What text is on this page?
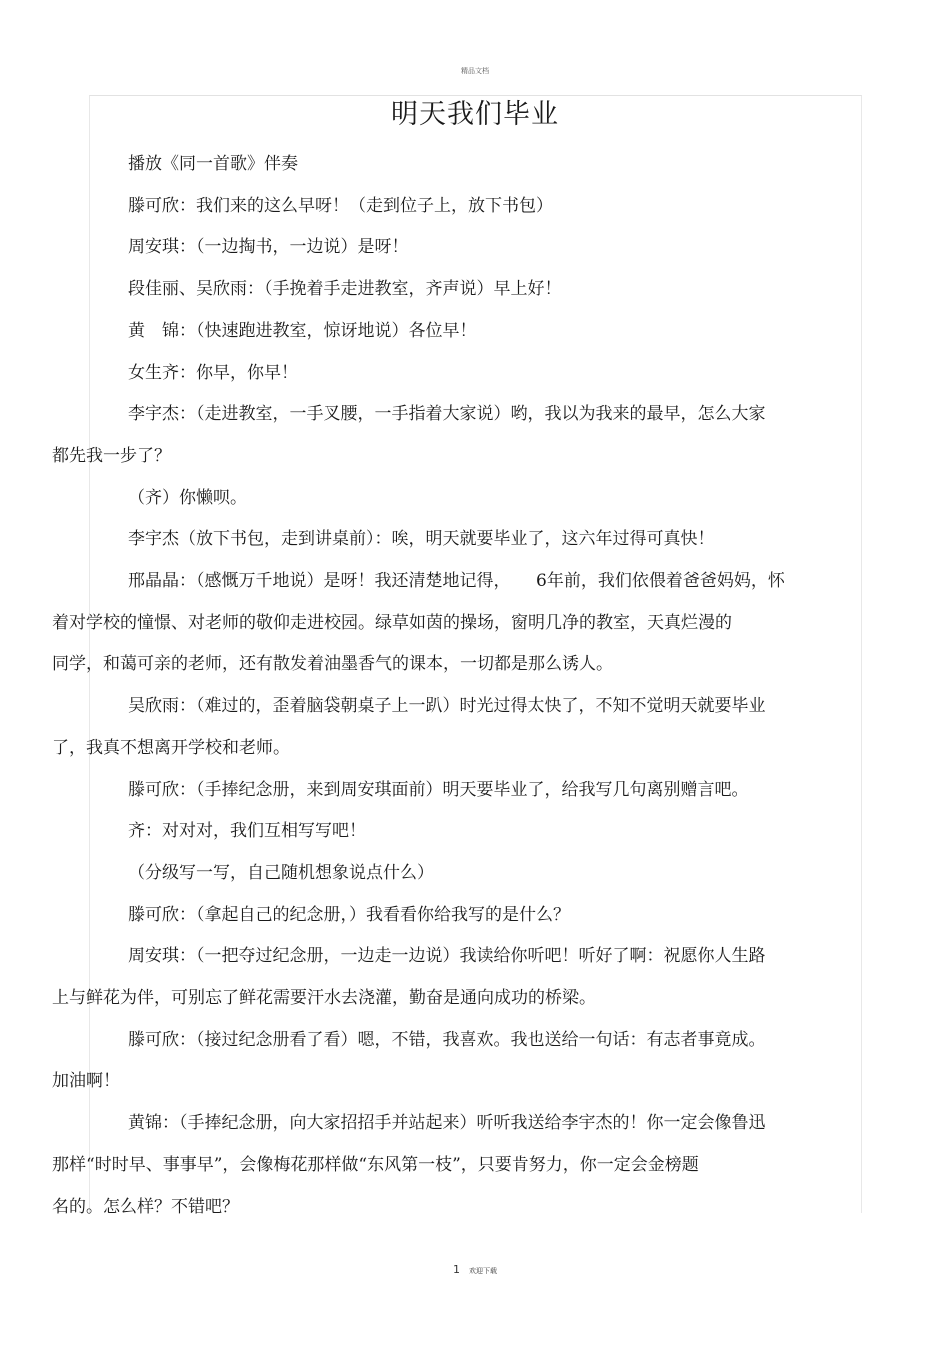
精品文档
明天我们毕业

播放《同一首歌》伴奏

滕可欣：我们来的这么早呀！（走到位子上，放下书包）

周安琪：（一边掏书，一边说）是呀！

段佳丽、吴欣雨：（手挽着手走进教室，齐声说）早上好！

黄　锦：（快速跑进教室，惊讶地说）各位早！

女生齐：你早，你早！

李宇杰：（走进教室，一手叉腰，一手指着大家说）哟，我以为我来的最早，怎么大家
都先我一步了？

（齐）你懒呗。

李宇杰（放下书包，走到讲桌前）：唉，明天就要毕业了，这六年过得可真快！

邢晶晶：（感慨万千地说）是呀！我还清楚地记得，　　6年前，我们依偎着爸爸妈妈，怀
着对学校的憧憬、对老师的敬仰走进校园。绿草如茵的操场，窗明几净的教室，天真烂漫的
同学，和蔼可亲的老师，还有散发着油墨香气的课本，一切都是那么诱人。

吴欣雨：（难过的，歪着脑袋朝桌子上一趴）时光过得太快了，不知不觉明天就要毕业
了，我真不想离开学校和老师。

滕可欣：（手捧纪念册，来到周安琪面前）明天要毕业了，给我写几句离别赠言吧。

齐：对对对，我们互相写写吧！

（分级写一写，自己随机想象说点什么）

滕可欣：（拿起自己的纪念册，）我看看你给我写的是什么？

周安琪：（一把夺过纪念册，一边走一边说）我读给你听吧！听好了啊：祝愿你人生路
上与鲜花为伴，可别忘了鲜花需要汗水去浇灌，勤奋是通向成功的桥梁。

滕可欣：（接过纪念册看了看）嗯，不错，我喜欢。我也送给一句话：有志者事竟成。
加油啊！

黄锦：（手捧纪念册，向大家招招手并站起来）听听我送给李宇杰的！你一定会像鲁迅
那样“时时早、事事早”，会像梅花那样做“东风第一枝”，只要肯努力，你一定会金榜题
名的。怎么样？不错吧？

1 欢迎下载
